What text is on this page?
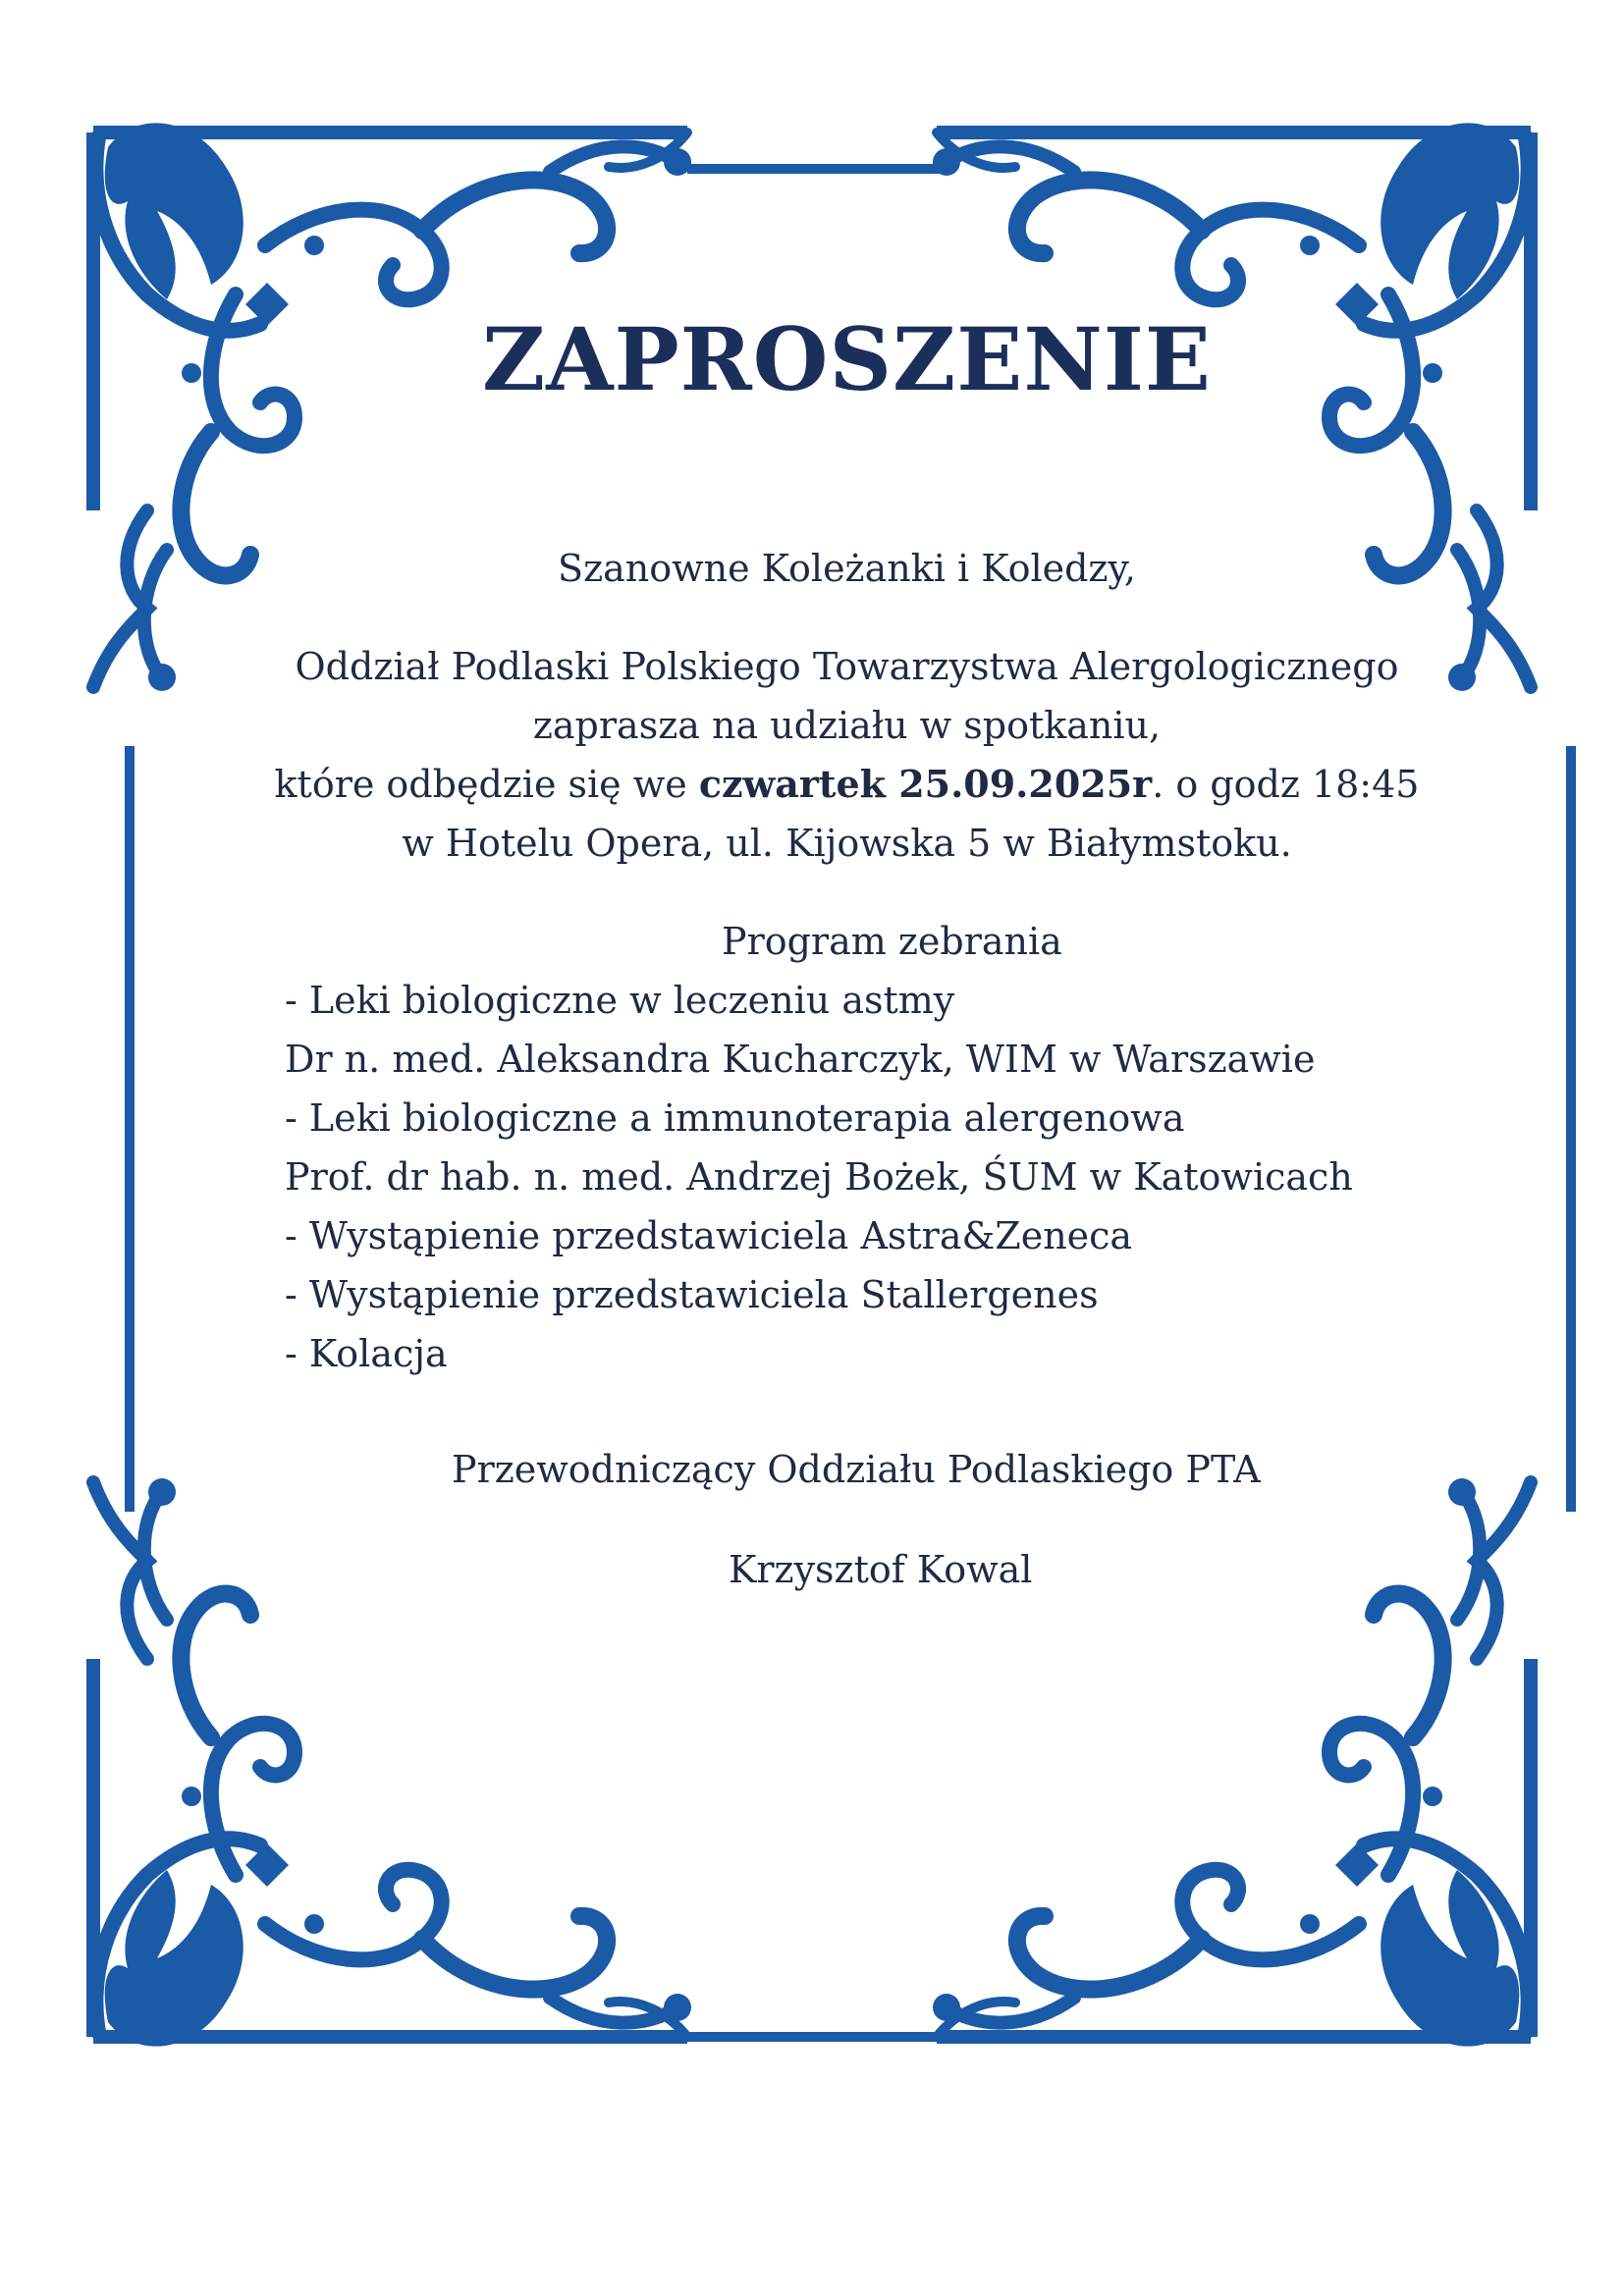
ZAPROSZENIE
Szanowne Koleżanki i Koledzy,
Oddział Podlaski Polskiego Towarzystwa Alergologicznego
zaprasza na udziału w spotkaniu,
które odbędzie się we czwartek 25.09.2025r. o godz 18:45
w Hotelu Opera, ul. Kijowska 5 w Białymstoku.
Program zebrania
- Leki biologiczne w leczeniu astmy
Dr n. med. Aleksandra Kucharczyk, WIM w Warszawie
- Leki biologiczne a immunoterapia alergenowa
Prof. dr hab. n. med. Andrzej Bożek, ŚUM w Katowicach
- Wystąpienie przedstawiciela Astra&Zeneca
- Wystąpienie przedstawiciela Stallergenes
- Kolacja
Przewodniczący Oddziału Podlaskiego PTA
Krzysztof Kowal
